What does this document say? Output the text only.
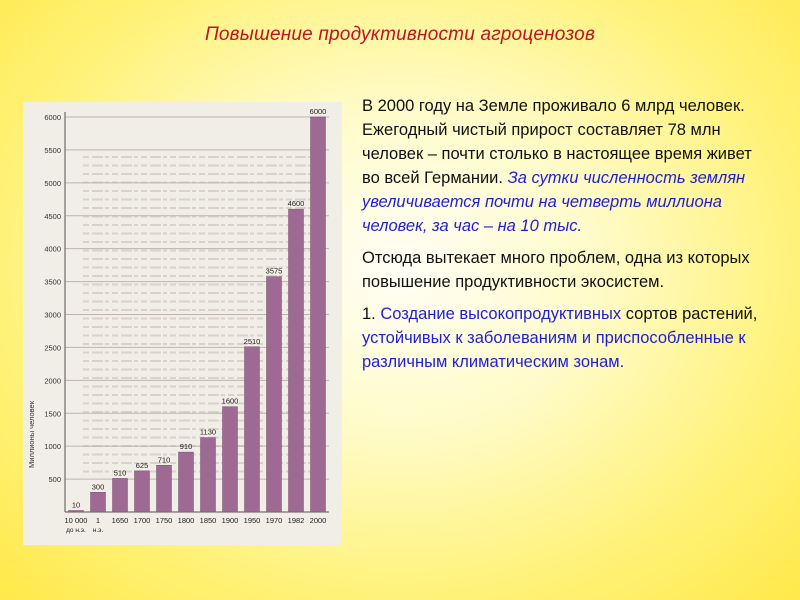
Повышение продуктивности агроценозов
500
1000
1500
2000
2500
3000
3500
4000
4500
5000
5500
6000
Миллионы человек
10
10 000
до н.э.
300
1
н.э.
510
1650
625
1700
710
1750
910
1800
1130
1850
1600
1900
2510
1950
3575
1970
4600
1982
6000
2000

В 2000 году на Земле проживало 6 млрд человек. Ежегодный чистый прирост составляет 78 млн человек – почти столько в настоящее время живет во всей Германии. За сутки численность землян увеличивается почти на четверть миллиона человек, за час – на 10 тыс.

Отсюда вытекает много проблем, одна из которых повышение продуктивности экосистем.

1. Создание высокопродуктивных сортов растений, устойчивых к заболеваниям и приспособленные к различным климатическим зонам.
